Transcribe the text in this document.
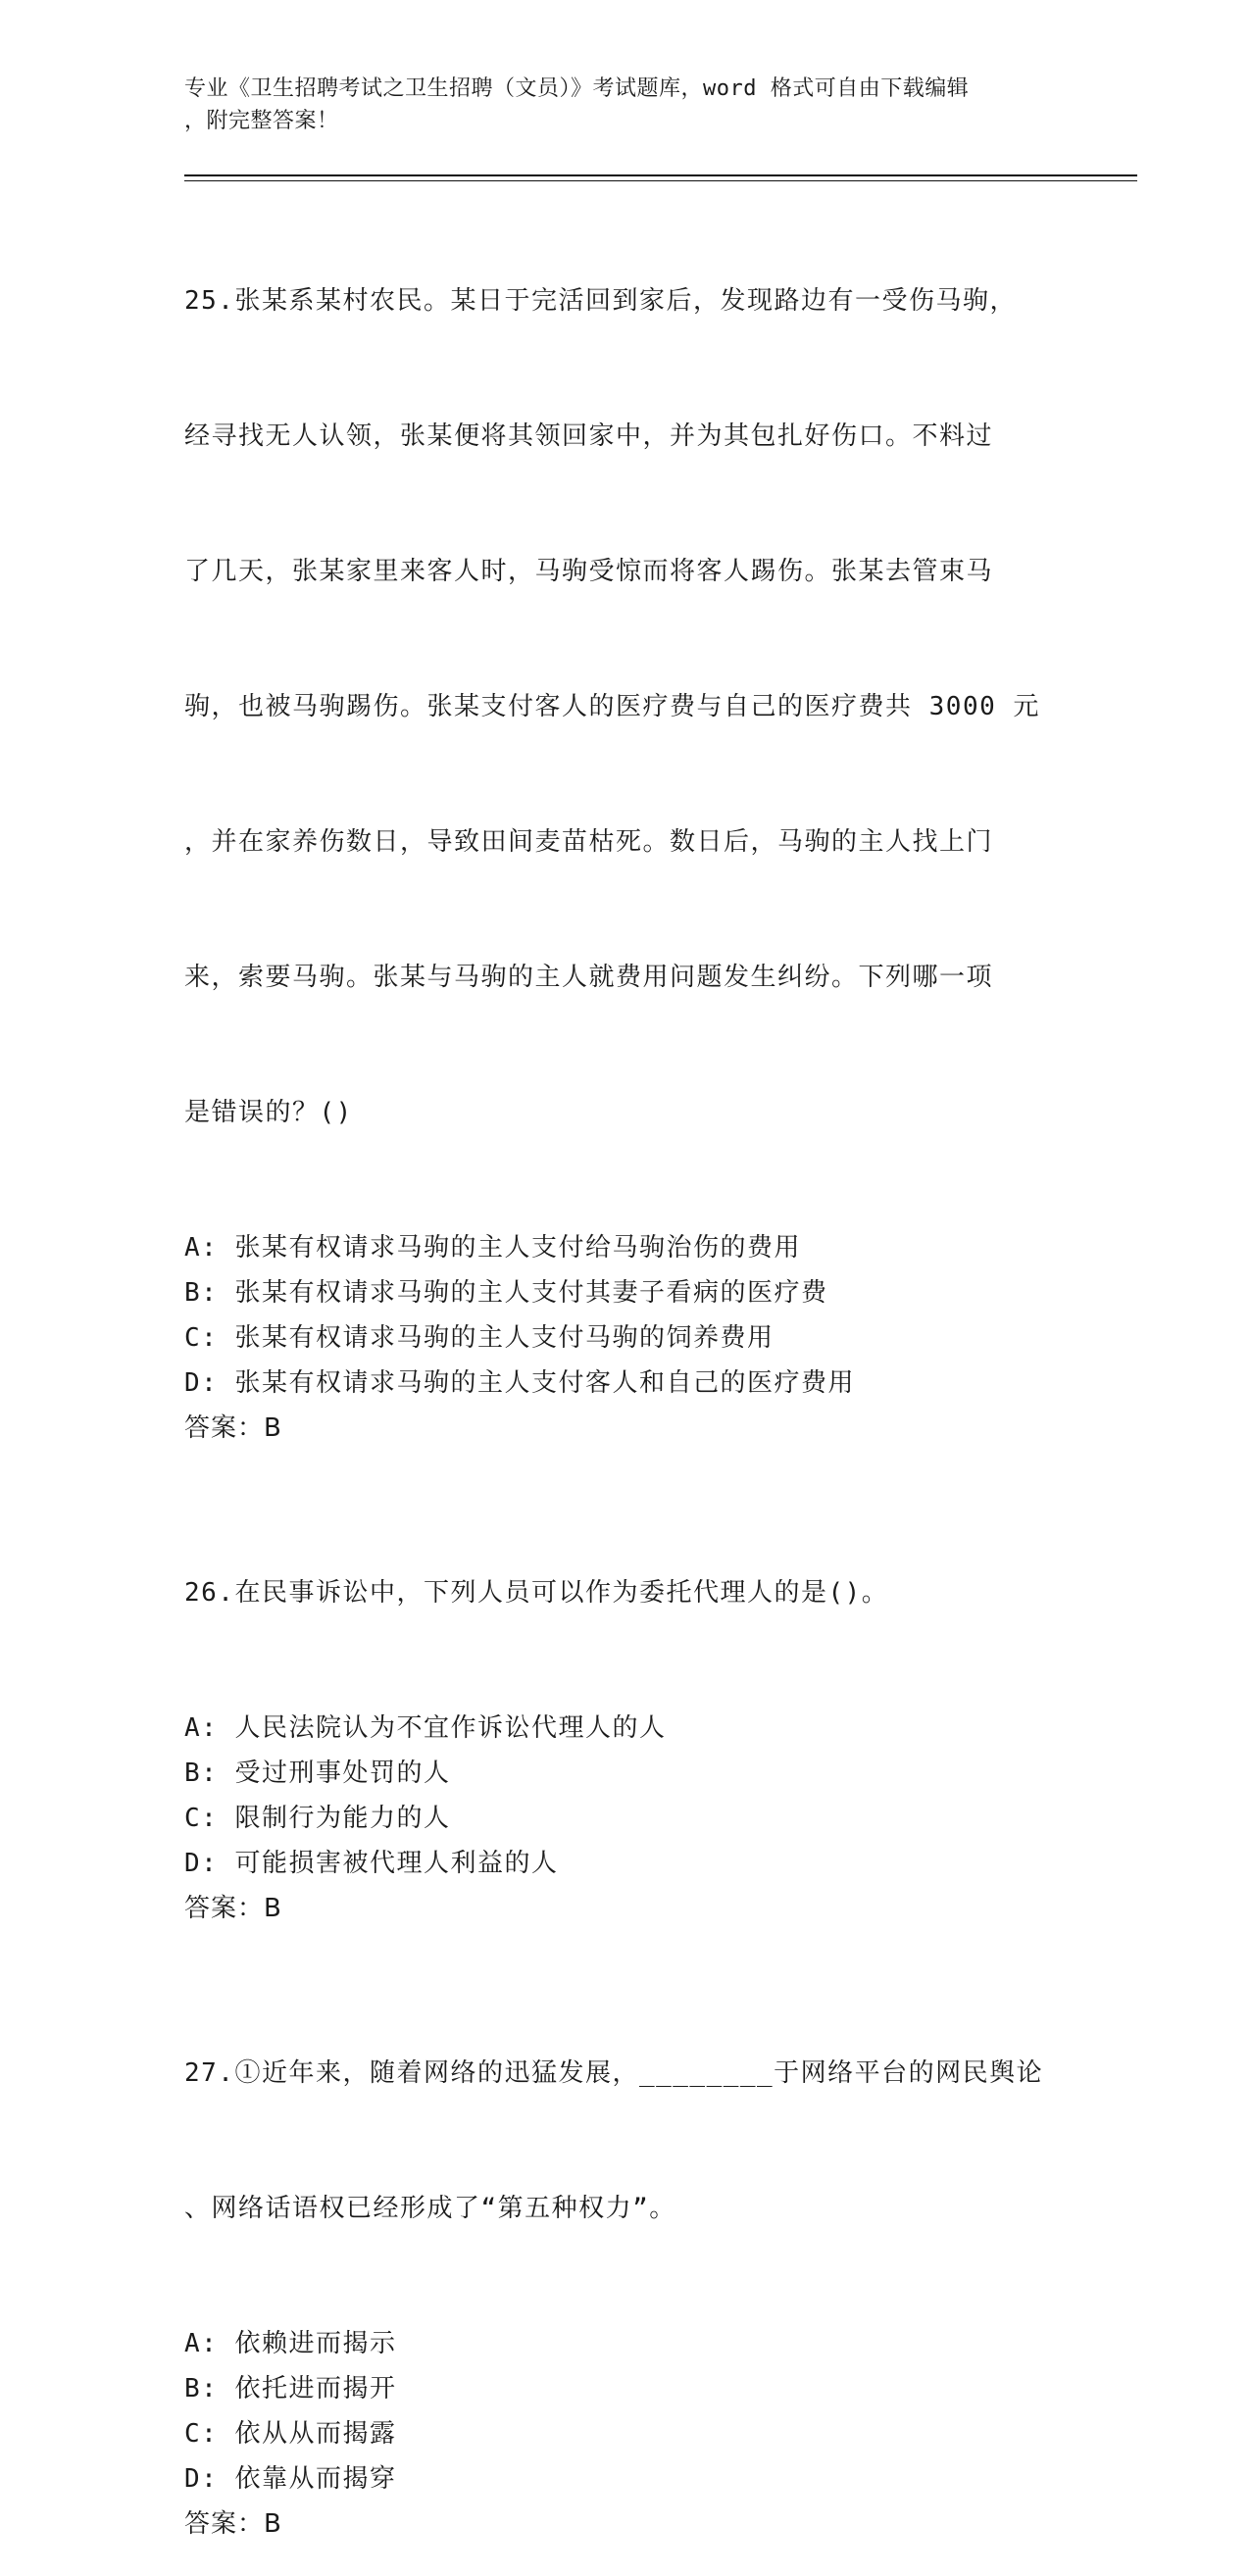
专业《卫生招聘考试之卫生招聘（文员）》考试题库，word 格式可自由下载编辑
，附完整答案！

25.张某系某村农民。某日于完活回到家后，发现路边有一受伤马驹，

经寻找无人认领，张某便将其领回家中，并为其包扎好伤口。不料过

了几天，张某家里来客人时，马驹受惊而将客人踢伤。张某去管束马

驹，也被马驹踢伤。张某支付客人的医疗费与自己的医疗费共 3000 元

，并在家养伤数日，导致田间麦苗枯死。数日后，马驹的主人找上门

来，索要马驹。张某与马驹的主人就费用问题发生纠纷。下列哪一项

是错误的？()

A: 张某有权请求马驹的主人支付给马驹治伤的费用
B: 张某有权请求马驹的主人支付其妻子看病的医疗费
C: 张某有权请求马驹的主人支付马驹的饲养费用
D: 张某有权请求马驹的主人支付客人和自己的医疗费用
答案：B

26.在民事诉讼中，下列人员可以作为委托代理人的是()。

A: 人民法院认为不宜作诉讼代理人的人
B: 受过刑事处罚的人
C: 限制行为能力的人
D: 可能损害被代理人利益的人
答案：B

27.①近年来，随着网络的迅猛发展，________于网络平台的网民舆论

、网络话语权已经形成了“第五种权力”。

A: 依赖进而揭示
B: 依托进而揭开
C: 依从从而揭露
D: 依靠从而揭穿
答案：B
